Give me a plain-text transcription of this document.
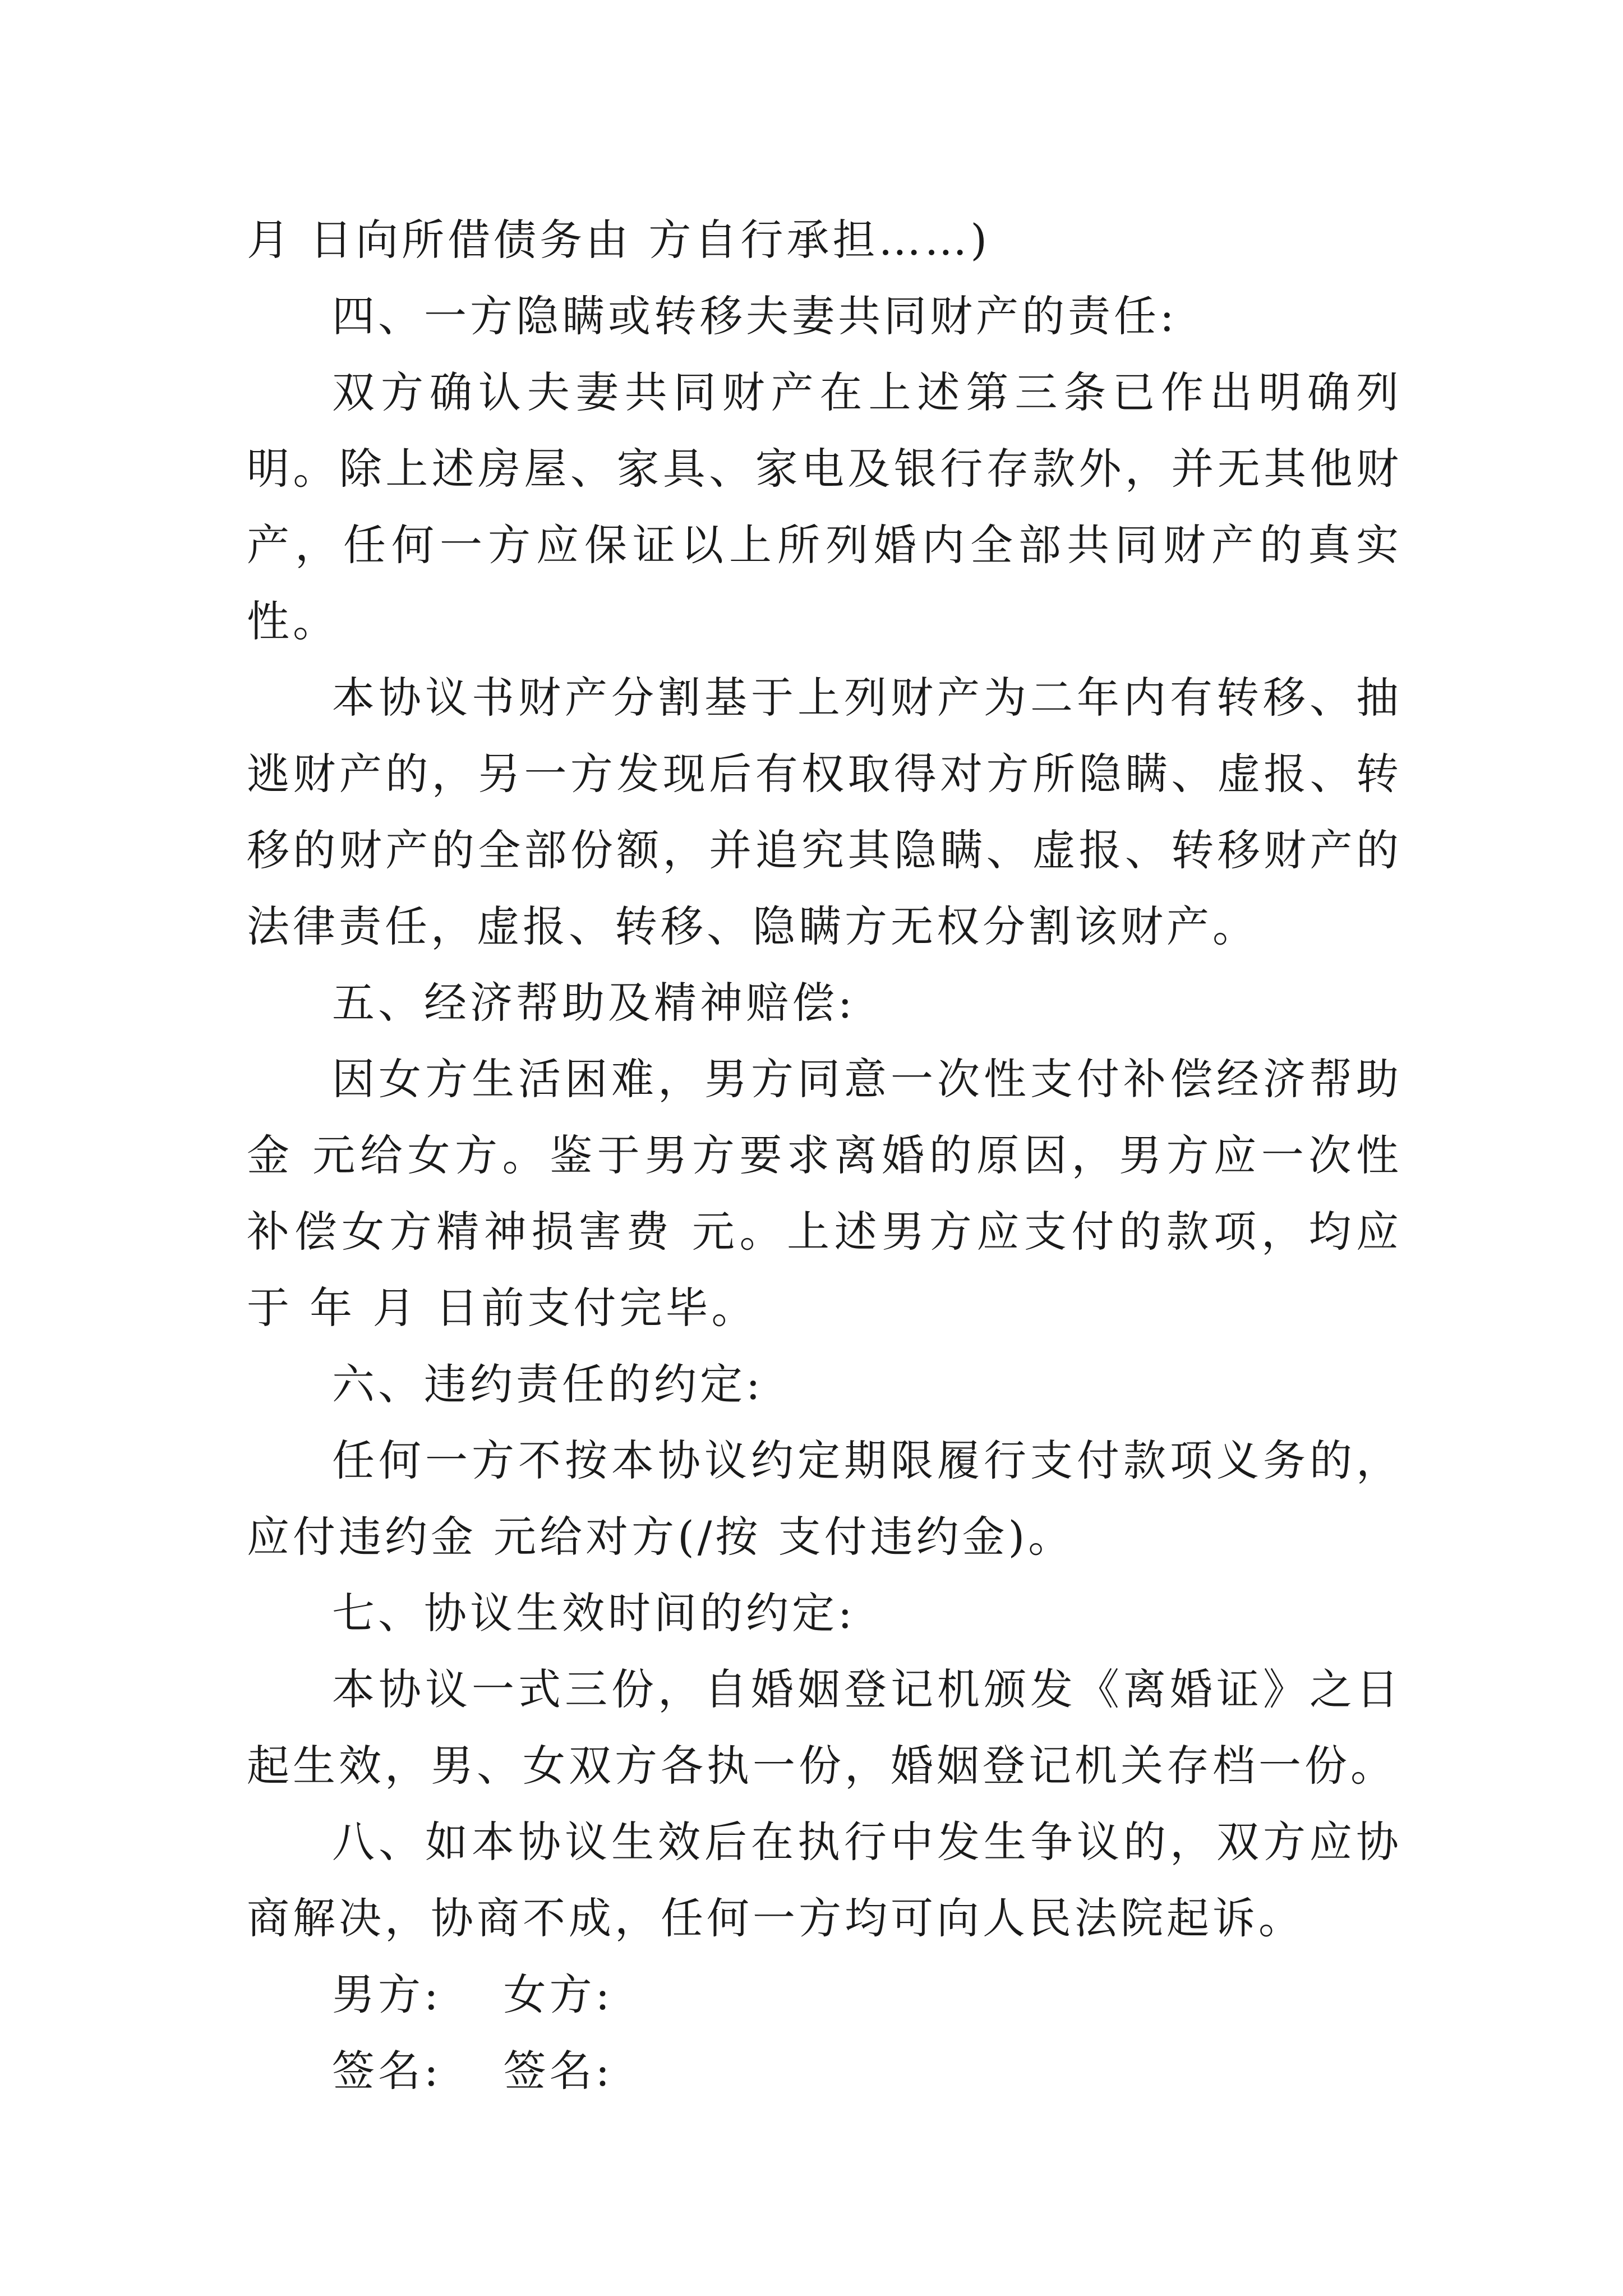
月 日向所借债务由 方自行承担……)

四、一方隐瞒或转移夫妻共同财产的责任:

双方确认夫妻共同财产在上述第三条已作出明确列明。除上述房屋、家具、家电及银行存款外，并无其他财产，任何一方应保证以上所列婚内全部共同财产的真实性。

本协议书财产分割基于上列财产为二年内有转移、抽逃财产的，另一方发现后有权取得对方所隐瞒、虚报、转移的财产的全部份额，并追究其隐瞒、虚报、转移财产的法律责任，虚报、转移、隐瞒方无权分割该财产。

五、经济帮助及精神赔偿:

因女方生活困难，男方同意一次性支付补偿经济帮助金 元给女方。鉴于男方要求离婚的原因，男方应一次性补偿女方精神损害费 元。上述男方应支付的款项，均应于 年 月 日前支付完毕。

六、违约责任的约定:

任何一方不按本协议约定期限履行支付款项义务的，应付违约金 元给对方(/按 支付违约金)。

七、协议生效时间的约定:

本协议一式三份，自婚姻登记机颁发《离婚证》之日起生效，男、女双方各执一份，婚姻登记机关存档一份。

八、如本协议生效后在执行中发生争议的，双方应协商解决，协商不成，任何一方均可向人民法院起诉。

男方: 女方:
签名: 签名:
